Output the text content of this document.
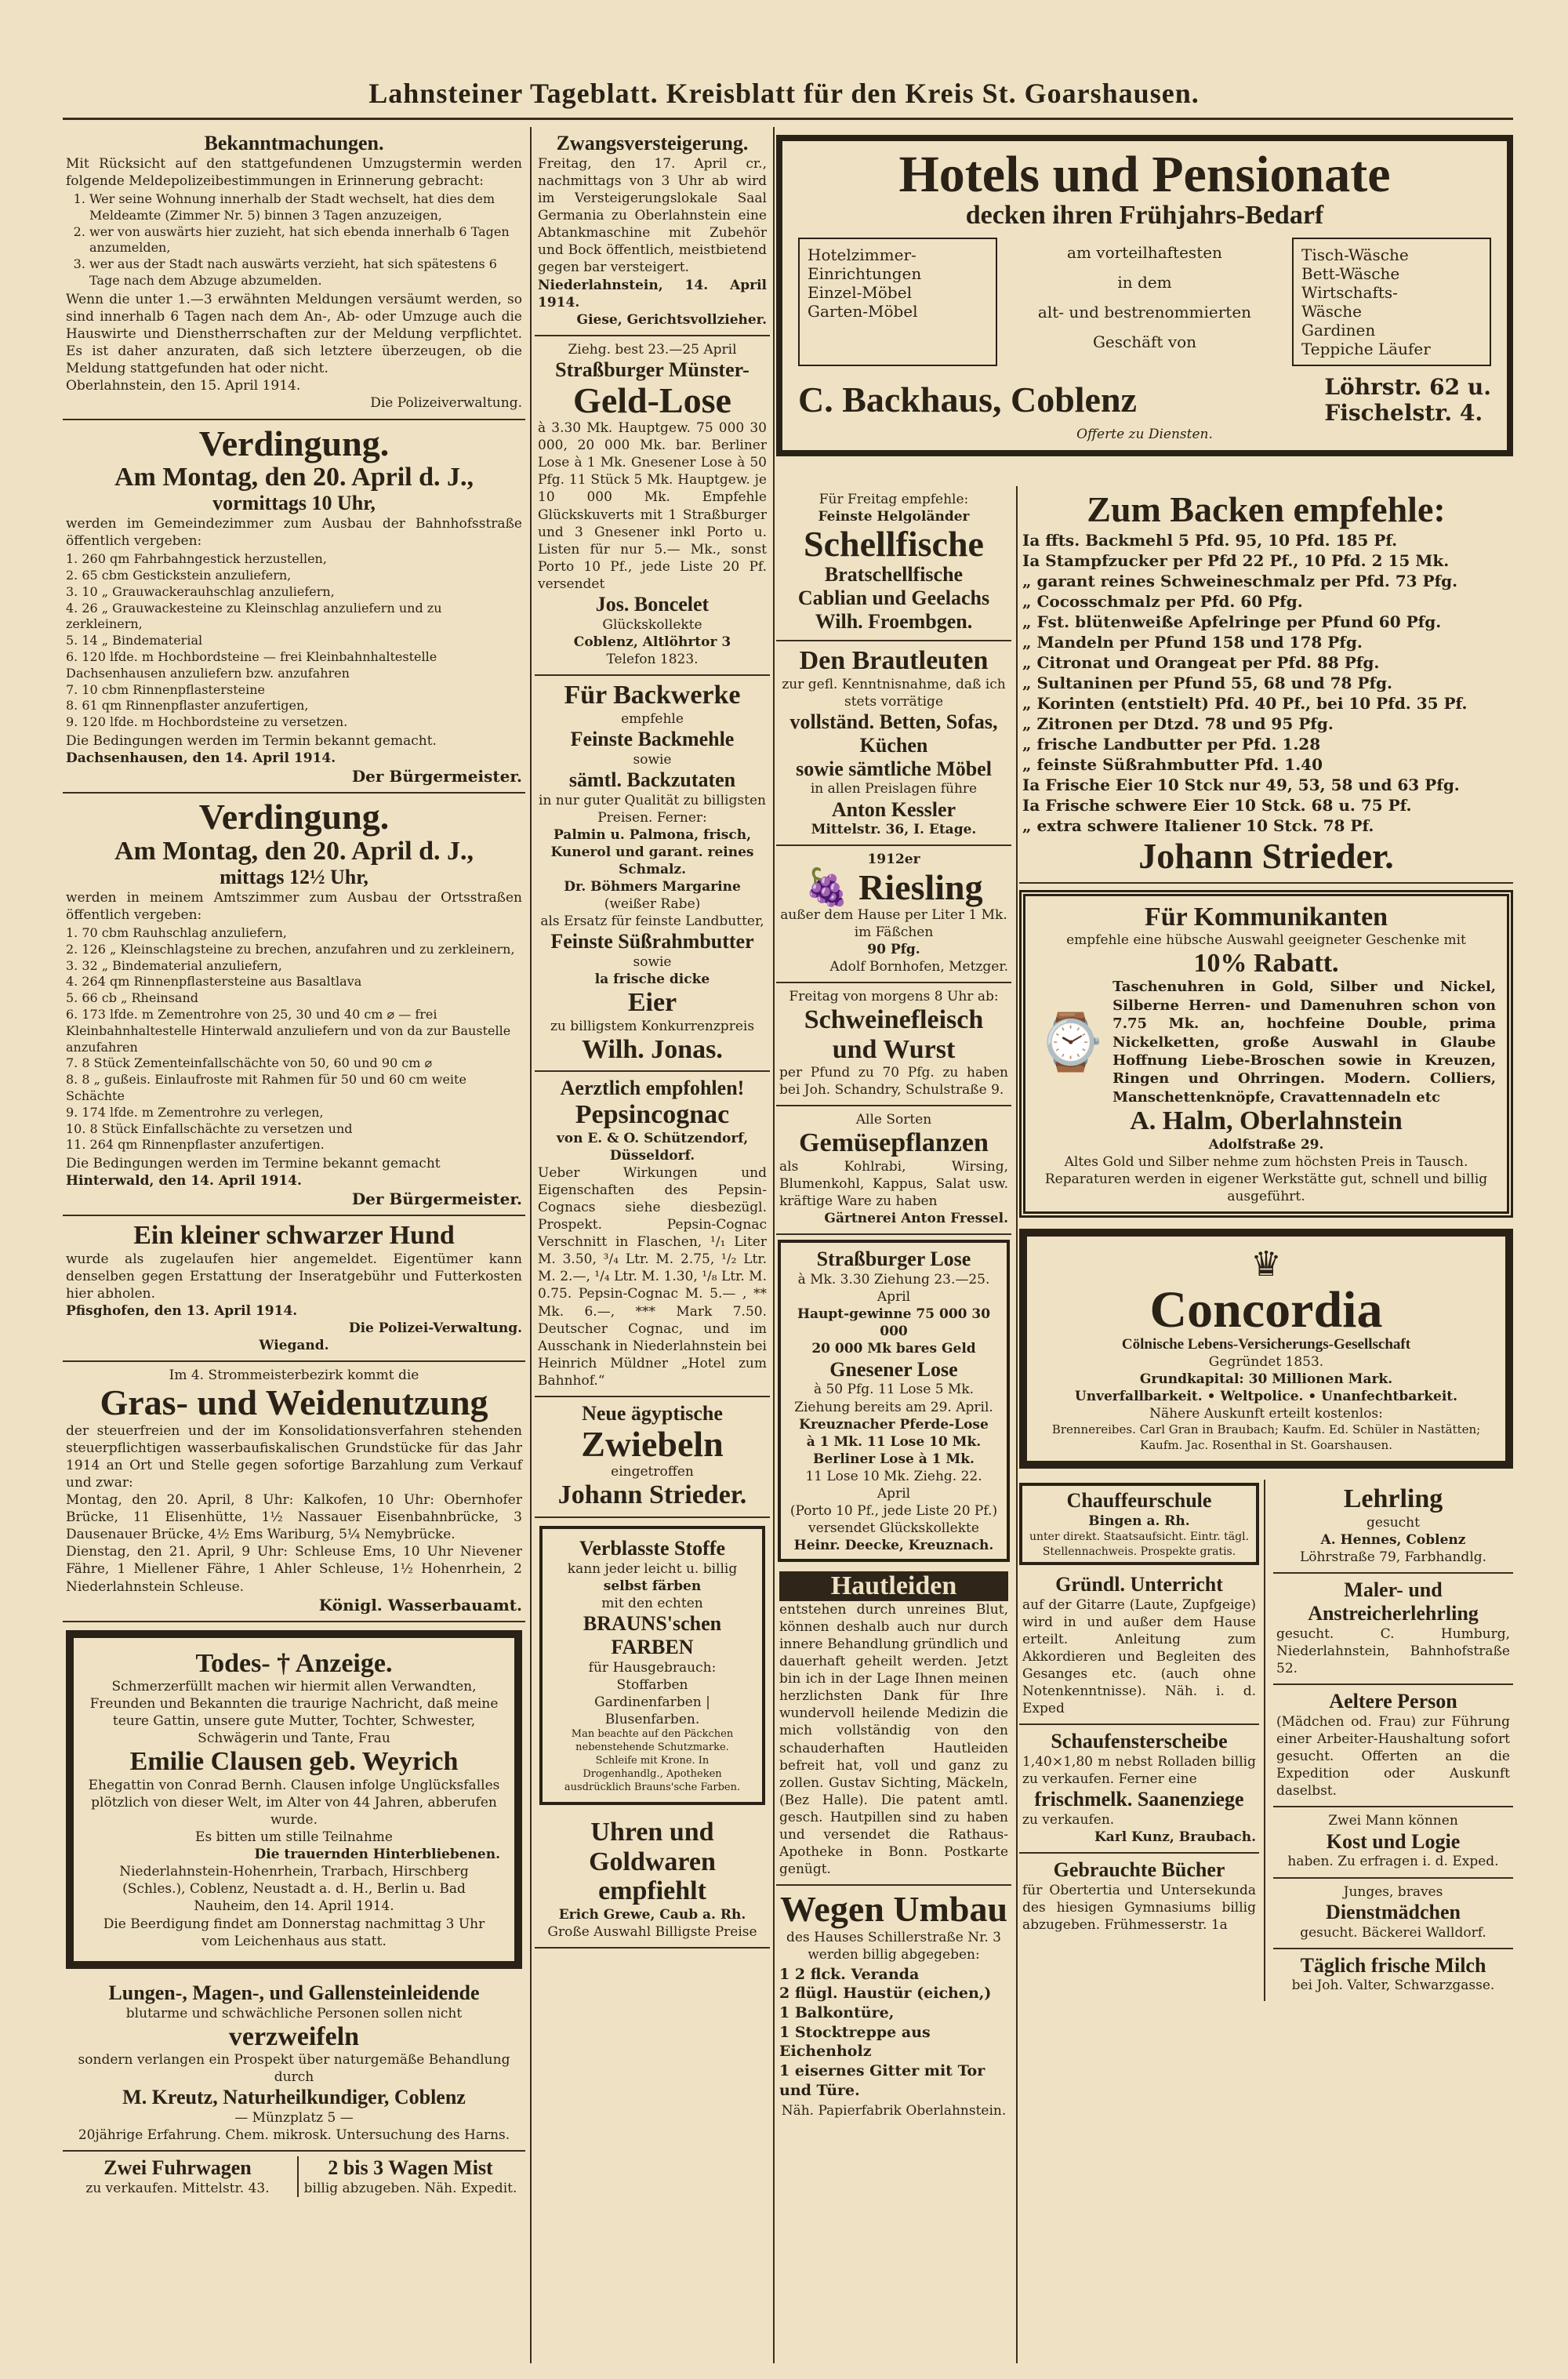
Lahnsteiner Tageblatt. Kreisblatt für den Kreis St. Goarshausen.
Bekanntmachungen.
Mit Rücksicht auf den stattgefundenen Umzugstermin werden folgende Meldepolizeibestimmungen in Erinnerung gebracht:
1. Wer seine Wohnung innerhalb der Stadt wechselt, hat dies dem Meldeamte (Zimmer Nr. 5) binnen 3 Tagen anzuzeigen,
2. wer von auswärts hier zuzieht, hat sich ebenda innerhalb 6 Tagen anzumelden,
3. wer aus der Stadt nach auswärts verzieht, hat sich spätestens 6 Tage nach dem Abzuge abzumelden.
Wenn die unter 1.—3 erwähnten Meldungen versäumt werden, so sind innerhalb 6 Tagen nach dem An-, Ab- oder Umzuge auch die Hauswirte und Dienstherrschaften zur der Meldung verpflichtet. Es ist daher anzuraten, daß sich letztere überzeugen, ob die Meldung stattgefunden hat oder nicht.
Oberlahnstein, den 15. April 1914.
Die Polizeiverwaltung.
Verdingung.
Am Montag, den 20. April d. J.,
vormittags 10 Uhr,
werden im Gemeindezimmer zum Ausbau der Bahnhofsstraße öffentlich vergeben:
1. 260 qm Fahrbahngestick herzustellen,
2. 65 cbm Gestickstein anzuliefern,
3. 10 „ Grauwackerauhschlag anzuliefern,
4. 26 „ Grauwackesteine zu Kleinschlag anzuliefern und zu zerkleinern,
5. 14 „ Bindematerial
6. 120 lfde. m Hochbordsteine — frei Kleinbahnhaltestelle Dachsenhausen anzuliefern bzw. anzufahren
7. 10 cbm Rinnenpflastersteine
8. 61 qm Rinnenpflaster anzufertigen,
9. 120 lfde. m Hochbordsteine zu versetzen.
Die Bedingungen werden im Termin bekannt gemacht.
Dachsenhausen, den 14. April 1914.
Der Bürgermeister.
Verdingung.
Am Montag, den 20. April d. J.,
mittags 12½ Uhr,
werden in meinem Amtszimmer zum Ausbau der Ortsstraßen öffentlich vergeben:
1. 70 cbm Rauhschlag anzuliefern,
2. 126 „ Kleinschlagsteine zu brechen, anzufahren und zu zerkleinern,
3. 32 „ Bindematerial anzuliefern,
4. 264 qm Rinnenpflastersteine aus Basaltlava
5. 66 cb „ Rheinsand
6. 173 lfde. m Zementrohre von 25, 30 und 40 cm ⌀ — frei Kleinbahnhaltestelle Hinterwald anzuliefern und von da zur Baustelle anzufahren
7. 8 Stück Zementeinfallschächte von 50, 60 und 90 cm ⌀
8. 8 „ gußeis. Einlaufroste mit Rahmen für 50 und 60 cm weite Schächte
9. 174 lfde. m Zementrohre zu verlegen,
10. 8 Stück Einfallschächte zu versetzen und
11. 264 qm Rinnenpflaster anzufertigen.
Die Bedingungen werden im Termine bekannt gemacht
Hinterwald, den 14. April 1914.
Der Bürgermeister.
Ein kleiner schwarzer Hund
wurde als zugelaufen hier angemeldet. Eigentümer kann denselben gegen Erstattung der Inseratgebühr und Futterkosten hier abholen.
Pfisghofen, den 13. April 1914.
Die Polizei-Verwaltung.
Wiegand.
Im 4. Strommeisterbezirk kommt die
Gras- und Weidenutzung
der steuerfreien und der im Konsolidationsverfahren stehenden steuerpflichtigen wasserbaufiskalischen Grundstücke für das Jahr 1914 an Ort und Stelle gegen sofortige Barzahlung zum Verkauf und zwar:
Montag, den 20. April, 8 Uhr: Kalkofen, 10 Uhr: Obernhofer Brücke, 11 Elisenhütte, 1½ Nassauer Eisenbahnbrücke, 3 Dausenauer Brücke, 4½ Ems Wariburg, 5¼ Nemybrücke.
Dienstag, den 21. April, 9 Uhr: Schleuse Ems, 10 Uhr Nievener Fähre, 1 Miellener Fähre, 1 Ahler Schleuse, 1½ Hohenrhein, 2 Niederlahnstein Schleuse.
Königl. Wasserbauamt.
Todes- † Anzeige.
Schmerzerfüllt machen wir hiermit allen Verwandten, Freunden und Bekannten die traurige Nachricht, daß meine teure Gattin, unsere gute Mutter, Tochter, Schwester, Schwägerin und Tante, Frau
Emilie Clausen geb. Weyrich
Ehegattin von Conrad Bernh. Clausen infolge Unglücksfalles plötzlich von dieser Welt, im Alter von 44 Jahren, abberufen wurde.
Es bitten um stille Teilnahme
Die trauernden Hinterbliebenen.
Niederlahnstein-Hohenrhein, Trarbach, Hirschberg (Schles.), Coblenz, Neustadt a. d. H., Berlin u. Bad Nauheim, den 14. April 1914.
Die Beerdigung findet am Donnerstag nachmittag 3 Uhr vom Leichenhaus aus statt.
Lungen-, Magen-, und Gallensteinleidende
blutarme und schwächliche Personen sollen nicht
verzweifeln
sondern verlangen ein Prospekt über naturgemäße Behandlung durch
M. Kreutz, Naturheilkundiger, Coblenz
— Münzplatz 5 —
20jährige Erfahrung. Chem. mikrosk. Untersuchung des Harns.
Zwei Fuhrwagen
zu verkaufen. Mittelstr. 43.
2 bis 3 Wagen Mist
billig abzugeben. Näh. Expedit.
Zwangsversteigerung.
Freitag, den 17. April cr., nachmittags von 3 Uhr ab wird im Versteigerungslokale Saal Germania zu Oberlahnstein eine Abtankmaschine mit Zubehör und Bock öffentlich, meistbietend gegen bar versteigert.
Niederlahnstein, 14. April 1914.
Giese, Gerichtsvollzieher.
Ziehg. best 23.—25 April
Straßburger Münster-
Geld-Lose
à 3.30 Mk. Hauptgew. 75 000 30 000, 20 000 Mk. bar. Berliner Lose à 1 Mk. Gnesener Lose à 50 Pfg. 11 Stück 5 Mk. Hauptgew. je 10 000 Mk. Empfehle Glückskuverts mit 1 Straßburger und 3 Gnesener inkl Porto u. Listen für nur 5.— Mk., sonst Porto 10 Pf., jede Liste 20 Pf. versendet
Jos. Boncelet
Glückskollekte
Coblenz, Altlöhrtor 3
Telefon 1823.
Für Backwerke
empfehle
Feinste Backmehle
sowie
sämtl. Backzutaten
in nur guter Qualität zu billigsten Preisen. Ferner:
Palmin u. Palmona, frisch, Kunerol und garant. reines Schmalz.
Dr. Böhmers Margarine
(weißer Rabe)
als Ersatz für feinste Landbutter,
Feinste Süßrahmbutter
sowie
la frische dicke
Eier
zu billigstem Konkurrenzpreis
Wilh. Jonas.
Aerztlich empfohlen!
Pepsincognac
von E. & O. Schützendorf, Düsseldorf.
Ueber Wirkungen und Eigenschaften des Pepsin-Cognacs siehe diesbezügl. Prospekt. Pepsin-Cognac Verschnitt in Flaschen, ¹/₁ Liter M. 3.50, ³/₄ Ltr. M. 2.75, ¹/₂ Ltr. M. 2.—, ¹/₄ Ltr. M. 1.30, ¹/₈ Ltr. M. 0.75. Pepsin-Cognac M. 5.— , ** Mk. 6.—, *** Mark 7.50. Deutscher Cognac, und im Ausschank in Niederlahnstein bei Heinrich Müldner „Hotel zum Bahnhof.“
Neue ägyptische
Zwiebeln
eingetroffen
Johann Strieder.
Verblasste Stoffe
kann jeder leicht u. billig
selbst färben
mit den echten
BRAUNS'schen FARBEN
für Hausgebrauch: Stoffarben
Gardinenfarben | Blusenfarben.
Man beachte auf den Päckchen nebenstehende Schutzmarke. Schleife mit Krone. In Drogenhandlg., Apotheken ausdrücklich Brauns'sche Farben.
Uhren und Goldwaren empfiehlt
Erich Grewe, Caub a. Rh.
Große Auswahl Billigste Preise
Hotels und Pensionate
decken ihren Frühjahrs-Bedarf
Hotelzimmer-
Einrichtungen
Einzel-Möbel
Garten-Möbel
am vorteilhaftesten
in dem
alt- und bestrenommierten
Geschäft von
Tisch-Wäsche
Bett-Wäsche
Wirtschafts-
Wäsche
Gardinen
Teppiche Läufer
C. Backhaus, Coblenz	Löhrstr. 62 u.
Fischelstr. 4.
Offerte zu Diensten.
Für Freitag empfehle:
Feinste Helgoländer
Schellfische
Bratschellfische
Cablian und Geelachs
Wilh. Froembgen.
Den Brautleuten
zur gefl. Kenntnisnahme, daß ich stets vorrätige
vollständ. Betten, Sofas, Küchen
sowie sämtliche Möbel
in allen Preislagen führe
Anton Kessler
Mittelstr. 36, I. Etage.
1912er
🍇 Riesling
außer dem Hause per Liter 1 Mk. im Fäßchen
90 Pfg.
Adolf Bornhofen, Metzger.
Freitag von morgens 8 Uhr ab:
Schweinefleisch und Wurst
per Pfund zu 70 Pfg. zu haben bei Joh. Schandry, Schulstraße 9.
Alle Sorten
Gemüsepflanzen
als Kohlrabi, Wirsing, Blumenkohl, Kappus, Salat usw. kräftige Ware zu haben
Gärtnerei Anton Fressel.
Straßburger Lose
à Mk. 3.30 Ziehung 23.—25. April
Haupt-gewinne 75 000 30 000
20 000 Mk bares Geld
Gnesener Lose
à 50 Pfg. 11 Lose 5 Mk.
Ziehung bereits am 29. April.
Kreuznacher Pferde-Lose
à 1 Mk. 11 Lose 10 Mk.
Berliner Lose à 1 Mk.
11 Lose 10 Mk. Ziehg. 22. April
(Porto 10 Pf., jede Liste 20 Pf.)
versendet Glückskollekte
Heinr. Deecke, Kreuznach.
Hautleiden
entstehen durch unreines Blut, können deshalb auch nur durch innere Behandlung gründlich und dauerhaft geheilt werden. Jetzt bin ich in der Lage Ihnen meinen herzlichsten Dank für Ihre wundervoll heilende Medizin die mich vollständig von den schauderhaften Hautleiden befreit hat, voll und ganz zu zollen. Gustav Sichting, Mäckeln, (Bez Halle). Die patent amtl. gesch. Hautpillen sind zu haben und versendet die Rathaus-Apotheke in Bonn. Postkarte genügt.
Wegen Umbau
des Hauses Schillerstraße Nr. 3 werden billig abgegeben:
1 2 flck. Veranda
2 flügl. Haustür (eichen,)
1 Balkontüre,
1 Stocktreppe aus Eichenholz
1 eisernes Gitter mit Tor und Türe.
Näh. Papierfabrik Oberlahnstein.
Zum Backen empfehle:
Ia ffts. Backmehl 5 Pfd. 95, 10 Pfd. 185 Pf.
Ia Stampfzucker per Pfd 22 Pf., 10 Pfd. 2 15 Mk.
„ garant reines Schweineschmalz per Pfd. 73 Pfg.
„ Cocosschmalz per Pfd. 60 Pfg.
„ Fst. blütenweiße Apfelringe per Pfund 60 Pfg.
„ Mandeln per Pfund 158 und 178 Pfg.
„ Citronat und Orangeat per Pfd. 88 Pfg.
„ Sultaninen per Pfund 55, 68 und 78 Pfg.
„ Korinten (entstielt) Pfd. 40 Pf., bei 10 Pfd. 35 Pf.
„ Zitronen per Dtzd. 78 und 95 Pfg.
„ frische Landbutter per Pfd. 1.28
„ feinste Süßrahmbutter Pfd. 1.40
Ia Frische Eier 10 Stck nur 49, 53, 58 und 63 Pfg.
Ia Frische schwere Eier 10 Stck. 68 u. 75 Pf.
„ extra schwere Italiener 10 Stck. 78 Pf.
Johann Strieder.
Für Kommunikanten
empfehle eine hübsche Auswahl geeigneter Geschenke mit
10% Rabatt.
⌚
Taschenuhren in Gold, Silber und Nickel, Silberne Herren- und Damenuhren schon von 7.75 Mk. an, hochfeine Double, prima Nickelketten, große Auswahl in Glaube Hoffnung Liebe-Broschen sowie in Kreuzen, Ringen und Ohrringen. Modern. Colliers, Manschettenknöpfe, Cravattennadeln etc
A. Halm, Oberlahnstein
Adolfstraße 29.
Altes Gold und Silber nehme zum höchsten Preis in Tausch.
Reparaturen werden in eigener Werkstätte gut, schnell und billig ausgeführt.
♛
Concordia
Cölnische Lebens-Versicherungs-Gesellschaft
Gegründet 1853.
Grundkapital: 30 Millionen Mark.
Unverfallbarkeit. • Weltpolice. • Unanfechtbarkeit.
Nähere Auskunft erteilt kostenlos:
Brennereibes. Carl Gran in Braubach; Kaufm. Ed. Schüler in Nastätten; Kaufm. Jac. Rosenthal in St. Goarshausen.
Chauffeurschule
Bingen a. Rh.
unter direkt. Staatsaufsicht. Eintr. tägl. Stellennachweis. Prospekte gratis.
Gründl. Unterricht
auf der Gitarre (Laute, Zupfgeige) wird in und außer dem Hause erteilt. Anleitung zum Akkordieren und Begleiten des Gesanges etc. (auch ohne Notenkenntnisse). Näh. i. d. Exped
Schaufensterscheibe
1,40×1,80 m nebst Rolladen billig zu verkaufen. Ferner eine
frischmelk. Saanenziege
zu verkaufen.
Karl Kunz, Braubach.
Gebrauchte Bücher
für Obertertia und Untersekunda des hiesigen Gymnasiums billig abzugeben. Frühmesserstr. 1a
Lehrling
gesucht
A. Hennes, Coblenz
Löhrstraße 79, Farbhandlg.
Maler- und Anstreicherlehrling
gesucht. C. Humburg, Niederlahnstein, Bahnhofstraße 52.
Aeltere Person
(Mädchen od. Frau) zur Führung einer Arbeiter-Haushaltung sofort gesucht. Offerten an die Expedition oder Auskunft daselbst.
Zwei Mann können
Kost und Logie
haben. Zu erfragen i. d. Exped.
Junges, braves
Dienstmädchen
gesucht. Bäckerei Walldorf.
Täglich frische Milch
bei Joh. Valter, Schwarzgasse.
